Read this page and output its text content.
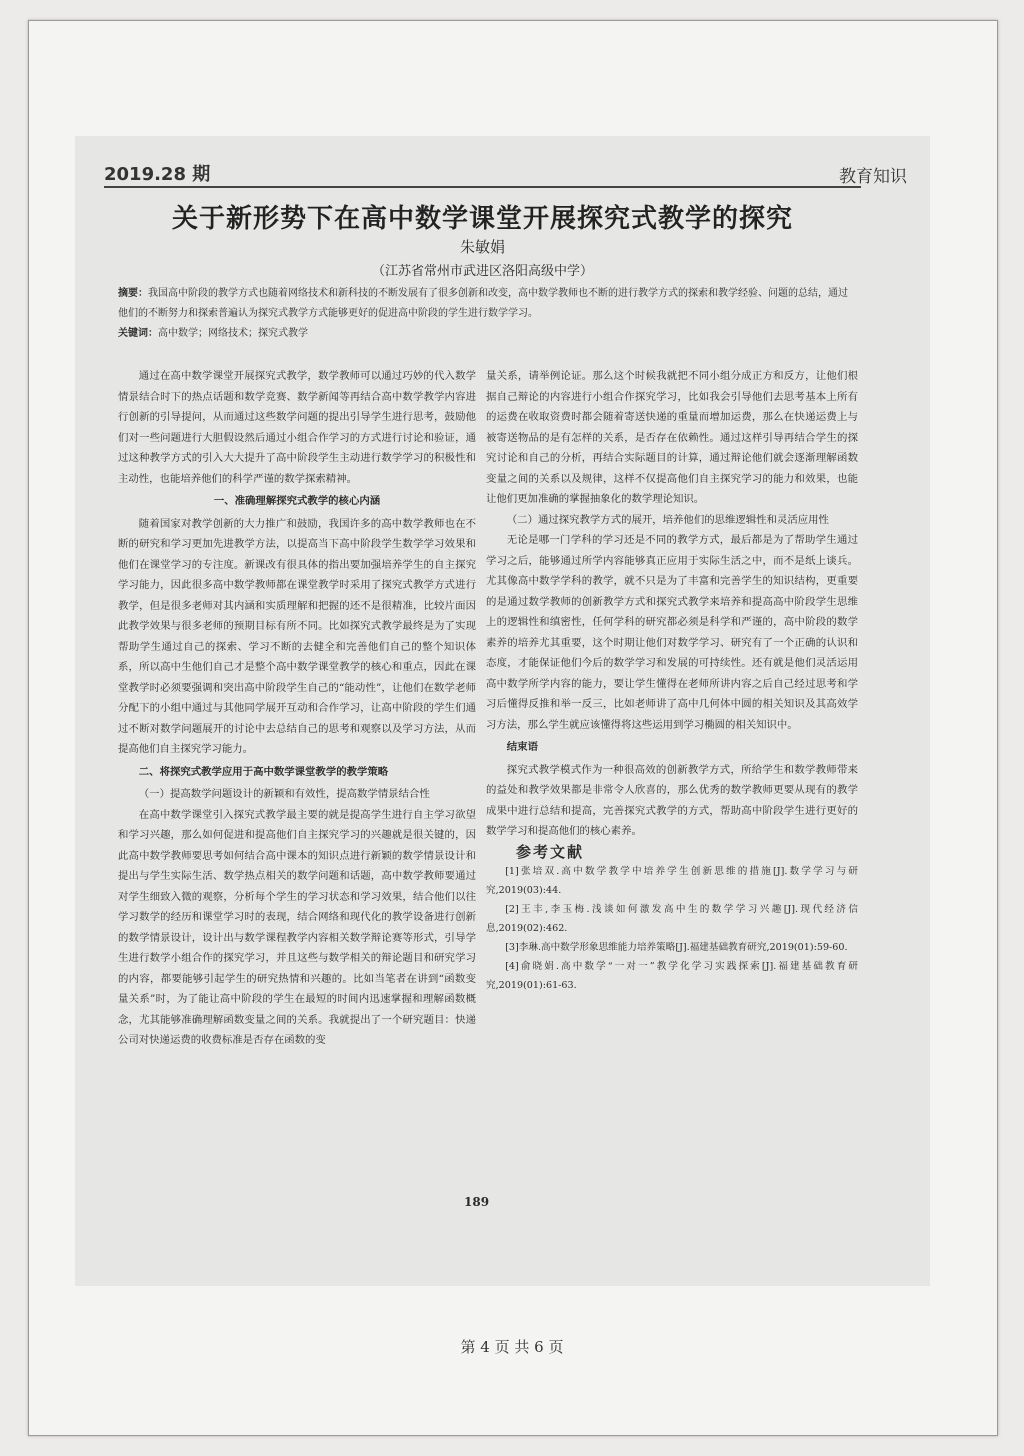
2019.28 期	教育知识
关于新形势下在高中数学课堂开展探究式教学的探究
朱敏娟
（江苏省常州市武进区洛阳高级中学）
摘要：我国高中阶段的教学方式也随着网络技术和新科技的不断发展有了很多创新和改变，高中数学教师也不断的进行教学方式的探索和教学经验、问题的总结，通过他们的不断努力和探索普遍认为探究式教学方式能够更好的促进高中阶段的学生进行数学学习。
关键词：高中数学；网络技术；探究式教学

通过在高中数学课堂开展探究式教学，数学教师可以通过巧妙的代入数学情景结合时下的热点话题和数学竞赛、数学新闻等再结合高中数学教学内容进行创新的引导提问，从而通过这些数学问题的提出引导学生进行思考，鼓励他们对一些问题进行大胆假设然后通过小组合作学习的方式进行讨论和验证，通过这种教学方式的引入大大提升了高中阶段学生主动进行数学学习的积极性和主动性，也能培养他们的科学严谨的数学探索精神。

一、准确理解探究式教学的核心内涵

随着国家对教学创新的大力推广和鼓励，我国许多的高中数学教师也在不断的研究和学习更加先进教学方法，以提高当下高中阶段学生数学学习效果和他们在课堂学习的专注度。新课改有很具体的指出要加强培养学生的自主探究学习能力，因此很多高中数学教师都在课堂教学时采用了探究式教学方式进行教学，但是很多老师对其内涵和实质理解和把握的还不是很精准，比较片面因此教学效果与很多老师的预期目标有所不同。比如探究式教学最终是为了实现帮助学生通过自己的探索、学习不断的去健全和完善他们自己的整个知识体系，所以高中生他们自己才是整个高中数学课堂教学的核心和重点，因此在课堂教学时必须要强调和突出高中阶段学生自己的“能动性”，让他们在数学老师分配下的小组中通过与其他同学展开互动和合作学习，让高中阶段的学生们通过不断对数学问题展开的讨论中去总结自己的思考和观察以及学习方法，从而提高他们自主探究学习能力。

二、将探究式教学应用于高中数学课堂教学的教学策略

（一）提高数学问题设计的新颖和有效性，提高数学情景结合性

在高中数学课堂引入探究式教学最主要的就是提高学生进行自主学习欲望和学习兴趣，那么如何促进和提高他们自主探究学习的兴趣就是很关键的，因此高中数学教师要思考如何结合高中课本的知识点进行新颖的数学情景设计和提出与学生实际生活、数学热点相关的数学问题和话题，高中数学教师要通过对学生细致入微的观察，分析每个学生的学习状态和学习效果，结合他们以往学习数学的经历和课堂学习时的表现，结合网络和现代化的教学设备进行创新的数学情景设计，设计出与数学课程教学内容相关数学辩论赛等形式，引导学生进行数学小组合作的探究学习，并且这些与数学相关的辩论题目和研究学习的内容，都要能够引起学生的研究热情和兴趣的。比如当笔者在讲到“函数变量关系”时，为了能让高中阶段的学生在最短的时间内迅速掌握和理解函数概念，尤其能够准确理解函数变量之间的关系。我就提出了一个研究题目：快递公司对快递运费的收费标准是否存在函数的变

量关系，请举例论证。那么这个时候我就把不同小组分成正方和反方，让他们根据自己辩论的内容进行小组合作探究学习，比如我会引导他们去思考基本上所有的运费在收取资费时都会随着寄送快递的重量而增加运费，那么在快递运费上与被寄送物品的是有怎样的关系，是否存在依赖性。通过这样引导再结合学生的探究讨论和自己的分析，再结合实际题目的计算，通过辩论他们就会逐渐理解函数变量之间的关系以及规律，这样不仅提高他们自主探究学习的能力和效果，也能让他们更加准确的掌握抽象化的数学理论知识。

（二）通过探究教学方式的展开，培养他们的思维逻辑性和灵活应用性

无论是哪一门学科的学习还是不同的教学方式，最后都是为了帮助学生通过学习之后，能够通过所学内容能够真正应用于实际生活之中，而不是纸上谈兵。尤其像高中数学学科的教学，就不只是为了丰富和完善学生的知识结构，更重要的是通过数学教师的创新教学方式和探究式教学来培养和提高高中阶段学生思维上的逻辑性和缜密性，任何学科的研究都必须是科学和严谨的，高中阶段的数学素养的培养尤其重要，这个时期让他们对数学学习、研究有了一个正确的认识和态度，才能保证他们今后的数学学习和发展的可持续性。还有就是他们灵活运用高中数学所学内容的能力，要让学生懂得在老师所讲内容之后自己经过思考和学习后懂得反推和举一反三，比如老师讲了高中几何体中圆的相关知识及其高效学习方法，那么学生就应该懂得将这些运用到学习椭圆的相关知识中。

结束语

探究式教学模式作为一种很高效的创新教学方式，所给学生和数学教师带来的益处和教学效果都是非常令人欣喜的，那么优秀的数学教师更要从现有的教学成果中进行总结和提高，完善探究式教学的方式，帮助高中阶段学生进行更好的数学学习和提高他们的核心素养。

参考文献

[1]张培双.高中数学教学中培养学生创新思维的措施[J].数学学习与研究,2019(03):44.

[2]王丰,李玉梅.浅谈如何激发高中生的数学学习兴趣[J].现代经济信息,2019(02):462.

[3]李琳.高中数学形象思维能力培养策略[J].福建基础教育研究,2019(01):59-60.

[4]俞晓娟.高中数学“一对一”教学化学习实践探索[J].福建基础教育研究,2019(01):61-63.

189
第 4 页 共 6 页
